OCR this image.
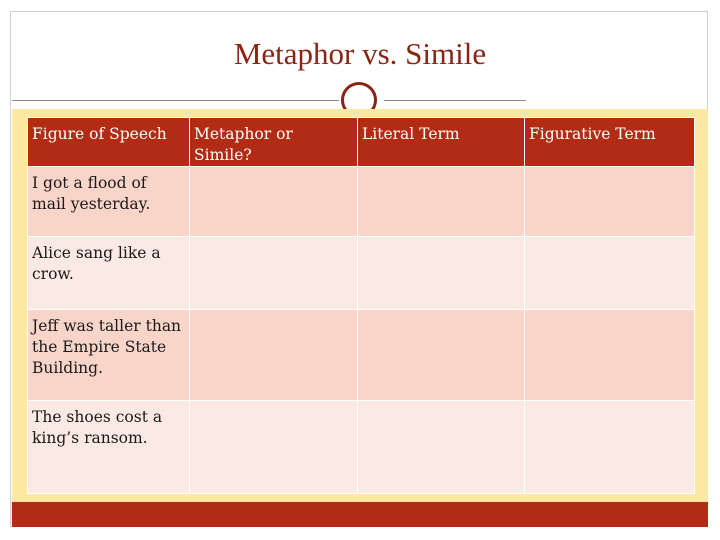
Metaphor vs. Simile
Figure of Speech	Metaphor or Simile?	Literal Term	Figurative Term
I got a flood of mail yesterday.			
Alice sang like a crow.			
Jeff was taller than the Empire State Building.			
The shoes cost a king’s ransom.			
